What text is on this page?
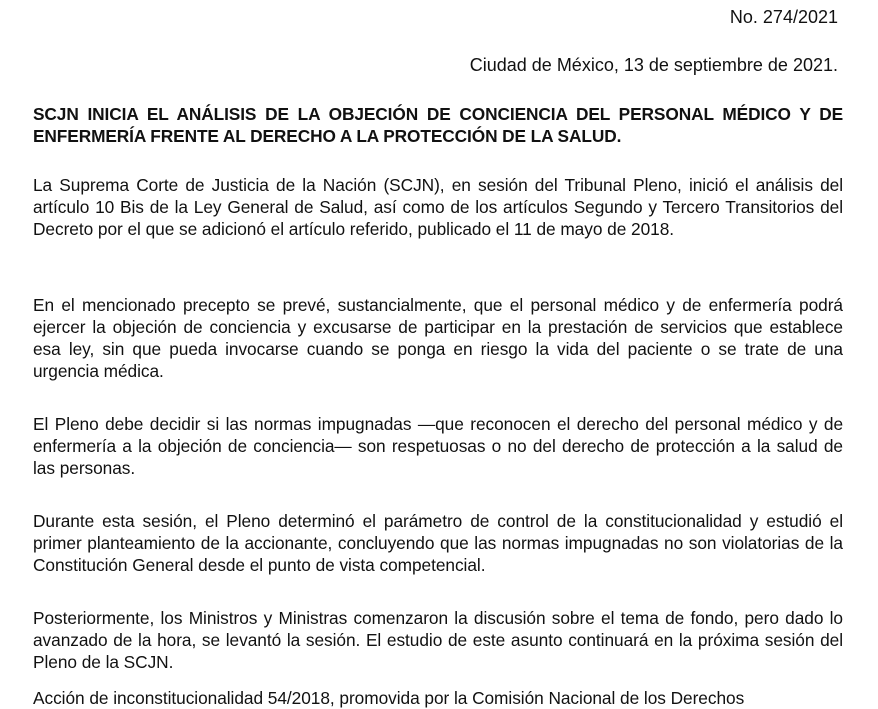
No. 274/2021
Ciudad de México, 13 de septiembre de 2021.
SCJN INICIA EL ANÁLISIS DE LA OBJECIÓN DE CONCIENCIA DEL PERSONAL MÉDICO Y DE ENFERMERÍA FRENTE AL DERECHO A LA PROTECCIÓN DE LA SALUD.

La Suprema Corte de Justicia de la Nación (SCJN), en sesión del Tribunal Pleno, inició el análisis del artículo 10 Bis de la Ley General de Salud, así como de los artículos Segundo y Tercero Transitorios del Decreto por el que se adicionó el artículo referido, publicado el 11 de mayo de 2018.

En el mencionado precepto se prevé, sustancialmente, que el personal médico y de enfermería podrá ejercer la objeción de conciencia y excusarse de participar en la prestación de servicios que establece esa ley, sin que pueda invocarse cuando se ponga en riesgo la vida del paciente o se trate de una urgencia médica.

El Pleno debe decidir si las normas impugnadas —que reconocen el derecho del personal médico y de enfermería a la objeción de conciencia— son respetuosas o no del derecho de protección a la salud de las personas.

Durante esta sesión, el Pleno determinó el parámetro de control de la constitucionalidad y estudió el primer planteamiento de la accionante, concluyendo que las normas impugnadas no son violatorias de la Constitución General desde el punto de vista competencial.

Posteriormente, los Ministros y Ministras comenzaron la discusión sobre el tema de fondo, pero dado lo avanzado de la hora, se levantó la sesión. El estudio de este asunto continuará en la próxima sesión del Pleno de la SCJN.

Acción de inconstitucionalidad 54/2018, promovida por la Comisión Nacional de los Derechos
